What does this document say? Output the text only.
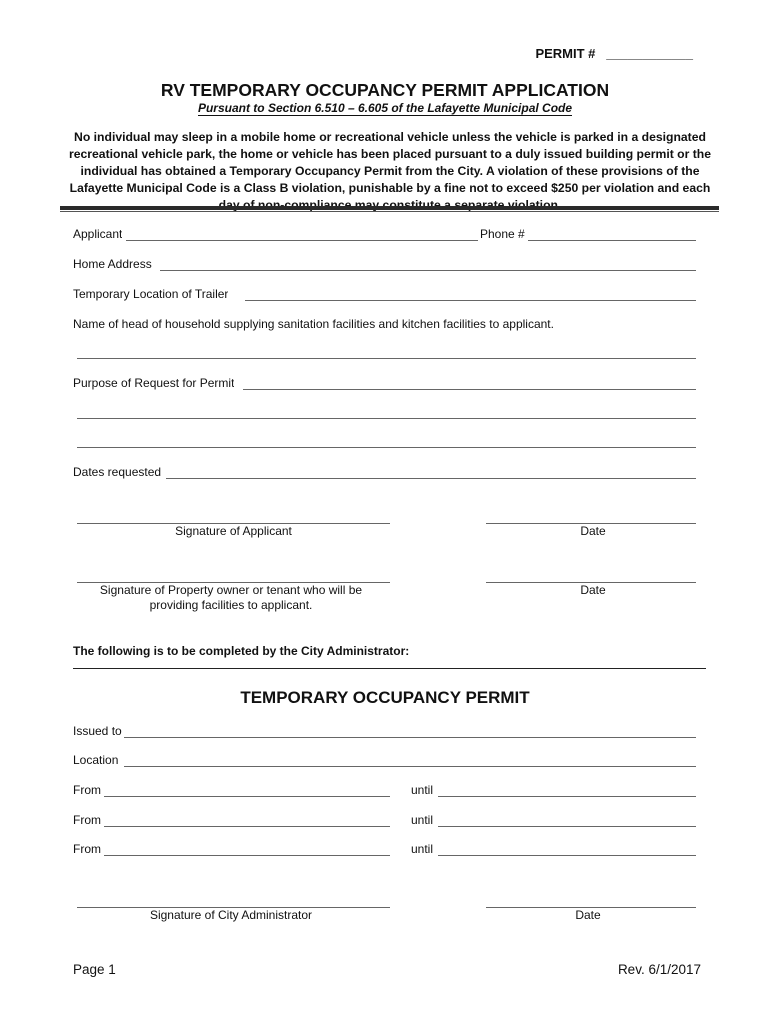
PERMIT #   ____________
RV TEMPORARY OCCUPANCY PERMIT APPLICATION
Pursuant to Section 6.510 – 6.605 of the Lafayette Municipal Code
No individual may sleep in a mobile home or recreational vehicle unless the vehicle is parked in a designated recreational vehicle park, the home or vehicle has been placed pursuant to a duly issued building permit or the individual has obtained a Temporary Occupancy Permit from the City. A violation of these provisions of the Lafayette Municipal Code is a Class B violation, punishable by a fine not to exceed $250 per violation and each day of non-compliance may constitute a separate violation.
Applicant	Phone #
Home Address
Temporary Location of Trailer
Name of head of household supplying sanitation facilities and kitchen facilities to applicant.
Purpose of Request for Permit
Dates requested
Signature of Applicant	Date
Signature of Property owner or tenant who will be providing facilities to applicant.
Date
The following is to be completed by the City Administrator:
TEMPORARY OCCUPANCY PERMIT
Issued to
Location
From	until
From	until
From	until
Signature of City Administrator	Date
Page 1	Rev. 6/1/2017
